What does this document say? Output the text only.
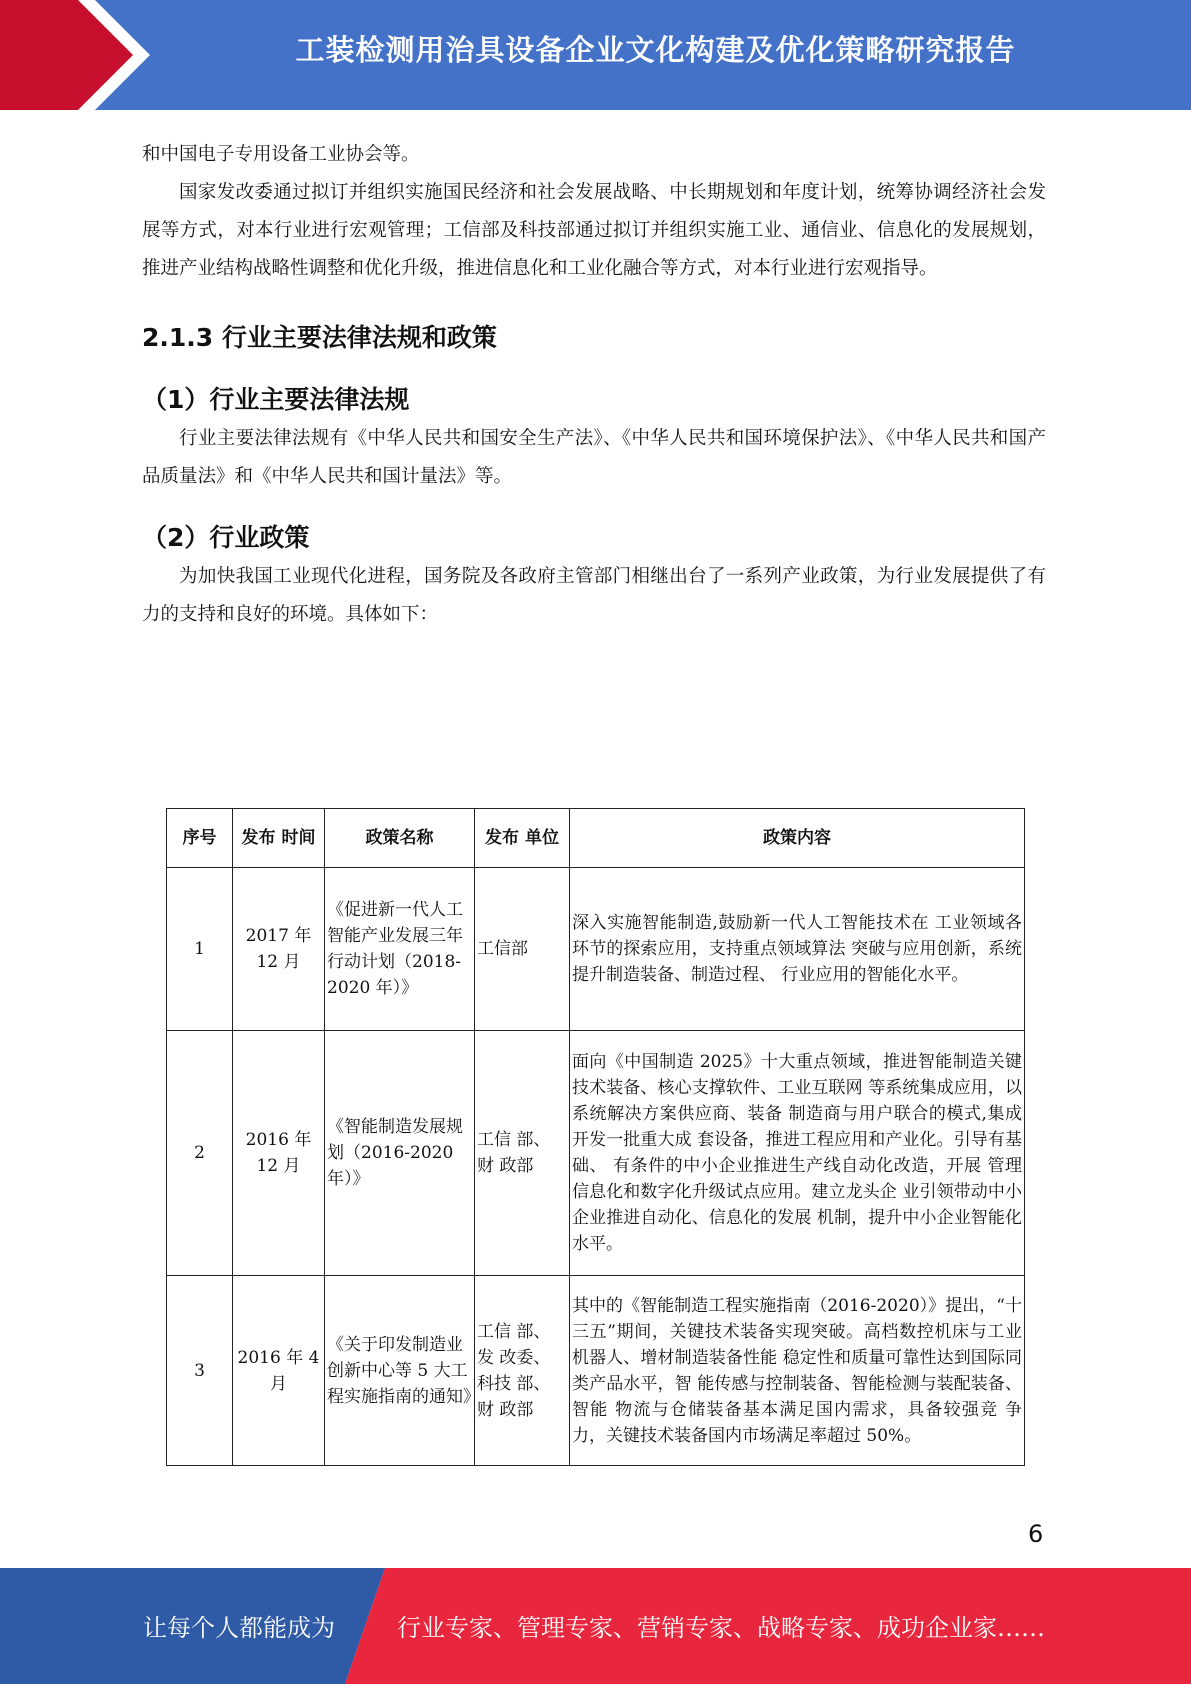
工装检测用治具设备企业文化构建及优化策略研究报告

和中国电子专用设备工业协会等。

国家发改委通过拟订并组织实施国民经济和社会发展战略、中长期规划和年度计划，统筹协调经济社会发展等方式，对本行业进行宏观管理；工信部及科技部通过拟订并组织实施工业、通信业、信息化的发展规划，推进产业结构战略性调整和优化升级，推进信息化和工业化融合等方式，对本行业进行宏观指导。

2.1.3 行业主要法律法规和政策
（1）行业主要法律法规

行业主要法律法规有《中华人民共和国安全生产法》、《中华人民共和国环境保护法》、《中华人民共和国产品质量法》和《中华人民共和国计量法》等。

（2）行业政策

为加快我国工业现代化进程，国务院及各政府主管部门相继出台了一系列产业政策，为行业发展提供了有力的支持和良好的环境。具体如下：

序号	发布 时间	政策名称	发布 单位	政策内容
1	2017 年 12 月	《促进新一代人工智能产业发展三年行动计划（2018-2020 年）》	工信部	深入实施智能制造,鼓励新一代人工智能技术在 工业领域各环节的探索应用，支持重点领域算法 突破与应用创新，系统提升制造装备、制造过程、 行业应用的智能化水平。
2	2016 年 12 月	《智能制造发展规划（2016-2020 年）》	工信 部、财 政部	面向《中国制造 2025》十大重点领域，推进智能制造关键技术装备、核心支撑软件、工业互联网 等系统集成应用，以系统解决方案供应商、装备 制造商与用户联合的模式,集成开发一批重大成 套设备，推进工程应用和产业化。引导有基础、 有条件的中小企业推进生产线自动化改造，开展 管理信息化和数字化升级试点应用。建立龙头企 业引领带动中小企业推进自动化、信息化的发展 机制，提升中小企业智能化水平。
3	2016 年 4 月	《关于印发制造业创新中心等 5 大工程实施指南的通知》	工信 部、发 改委、科技 部、财 政部	其中的《智能制造工程实施指南（2016-2020）》提出，“十三五”期间，关键技术装备实现突破。高档数控机床与工业机器人、增材制造装备性能 稳定性和质量可靠性达到国际同类产品水平，智 能传感与控制装备、智能检测与装配装备、智能 物流与仓储装备基本满足国内需求，具备较强竞 争力，关键技术装备国内市场满足率超过 50%。
6
让每个人都能成为	行业专家、管理专家、营销专家、战略专家、成功企业家……
